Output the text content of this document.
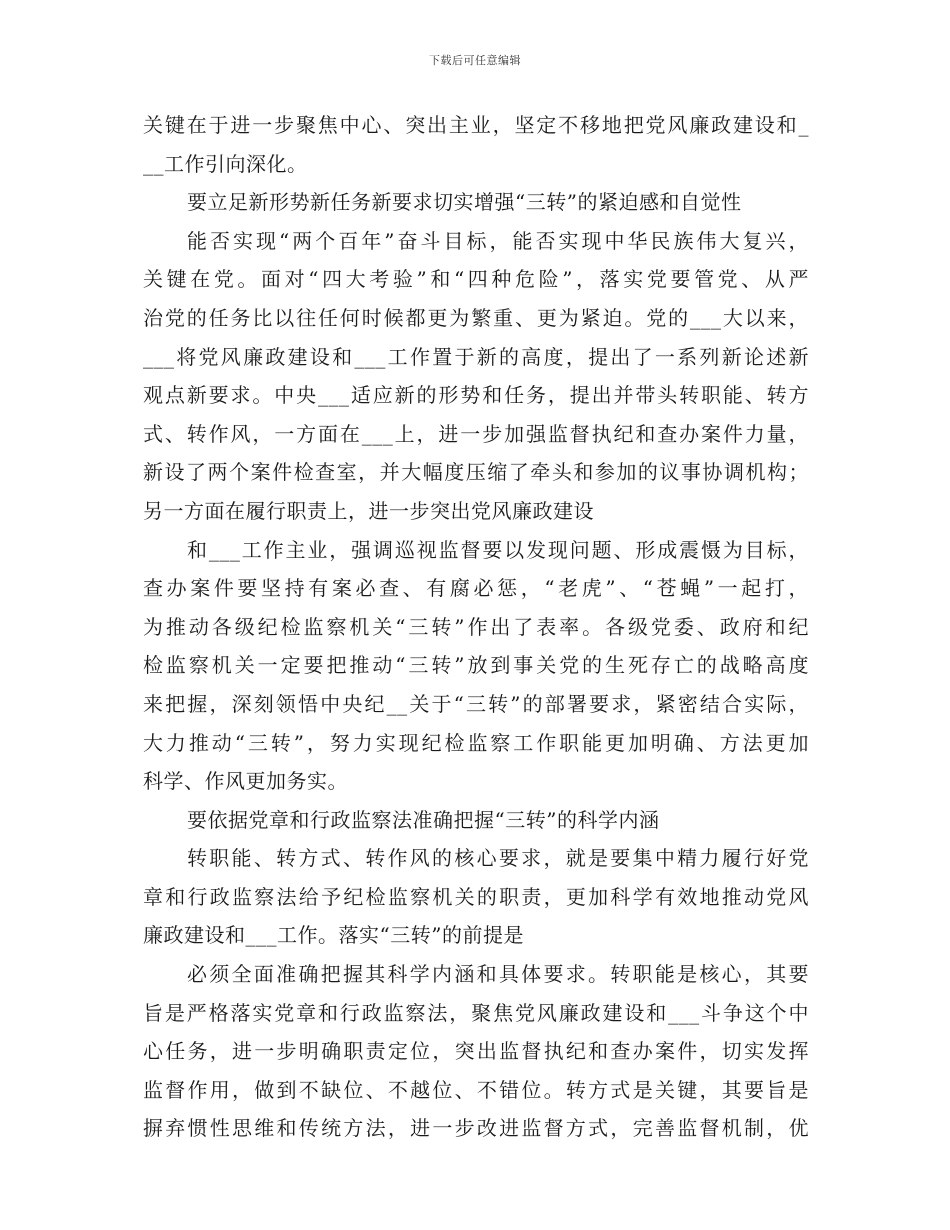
下载后可任意编辑
关键在于进一步聚焦中心、突出主业，坚定不移地把党风廉政建设和_
__工作引向深化。
要立足新形势新任务新要求切实增强“三转”的紧迫感和自觉性
能否实现“两个百年”奋斗目标，能否实现中华民族伟大复兴，
关键在党。面对“四大考验”和“四种危险”，落实党要管党、从严
治党的任务比以往任何时候都更为繁重、更为紧迫。党的___大以来，
___将党风廉政建设和___工作置于新的高度，提出了一系列新论述新
观点新要求。中央___适应新的形势和任务，提出并带头转职能、转方
式、转作风，一方面在___上，进一步加强监督执纪和查办案件力量，
新设了两个案件检查室，并大幅度压缩了牵头和参加的议事协调机构；
另一方面在履行职责上，进一步突出党风廉政建设
和___工作主业，强调巡视监督要以发现问题、形成震慑为目标，
查办案件要坚持有案必查、有腐必惩，“老虎”、“苍蝇”一起打，
为推动各级纪检监察机关“三转”作出了表率。各级党委、政府和纪
检监察机关一定要把推动“三转”放到事关党的生死存亡的战略高度
来把握，深刻领悟中央纪__关于“三转”的部署要求，紧密结合实际，
大力推动“三转”，努力实现纪检监察工作职能更加明确、方法更加
科学、作风更加务实。
要依据党章和行政监察法准确把握“三转”的科学内涵
转职能、转方式、转作风的核心要求，就是要集中精力履行好党
章和行政监察法给予纪检监察机关的职责，更加科学有效地推动党风
廉政建设和___工作。落实“三转”的前提是
必须全面准确把握其科学内涵和具体要求。转职能是核心，其要
旨是严格落实党章和行政监察法，聚焦党风廉政建设和___斗争这个中
心任务，进一步明确职责定位，突出监督执纪和查办案件，切实发挥
监督作用，做到不缺位、不越位、不错位。转方式是关键，其要旨是
摒弃惯性思维和传统方法，进一步改进监督方式，完善监督机制，优
